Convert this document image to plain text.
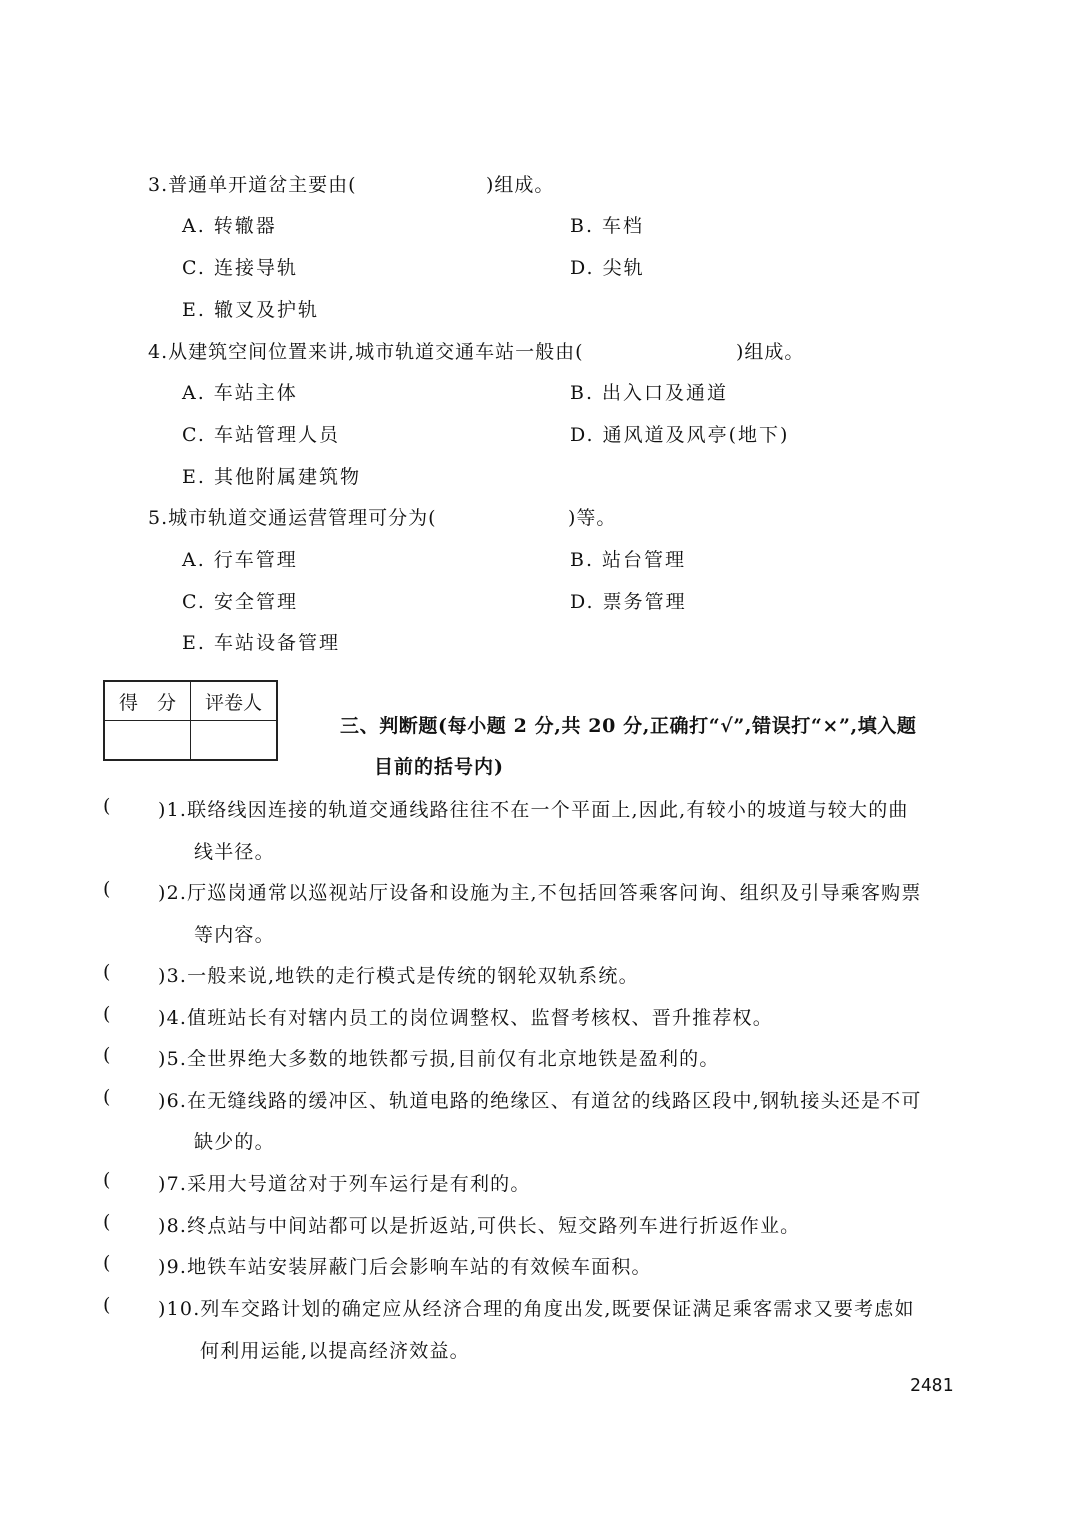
3.普通单开道岔主要由(	)组成。
A. 转辙器	B. 车档
C. 连接导轨	D. 尖轨
E. 辙叉及护轨
4.从建筑空间位置来讲,城市轨道交通车站一般由(	)组成。
A. 车站主体	B. 出入口及通道
C. 车站管理人员	D. 通风道及风亭(地下)
E. 其他附属建筑物
5.城市轨道交通运营管理可分为(	)等。
A. 行车管理	B. 站台管理
C. 安全管理	D. 票务管理
E. 车站设备管理
得　分	评卷人

三、判断题(每小题 2 分,共 20 分,正确打“√”,错误打“×”,填入题
目前的括号内)
(	)1.联络线因连接的轨道交通线路往往不在一个平面上,因此,有较小的坡道与较大的曲
线半径。
(	)2.厅巡岗通常以巡视站厅设备和设施为主,不包括回答乘客问询、组织及引导乘客购票
等内容。
(	)3.一般来说,地铁的走行模式是传统的钢轮双轨系统。
(	)4.值班站长有对辖内员工的岗位调整权、监督考核权、晋升推荐权。
(	)5.全世界绝大多数的地铁都亏损,目前仅有北京地铁是盈利的。
(	)6.在无缝线路的缓冲区、轨道电路的绝缘区、有道岔的线路区段中,钢轨接头还是不可
缺少的。
(	)7.采用大号道岔对于列车运行是有利的。
(	)8.终点站与中间站都可以是折返站,可供长、短交路列车进行折返作业。
(	)9.地铁车站安装屏蔽门后会影响车站的有效候车面积。
(	)10.列车交路计划的确定应从经济合理的角度出发,既要保证满足乘客需求又要考虑如
何利用运能,以提高经济效益。
2481
